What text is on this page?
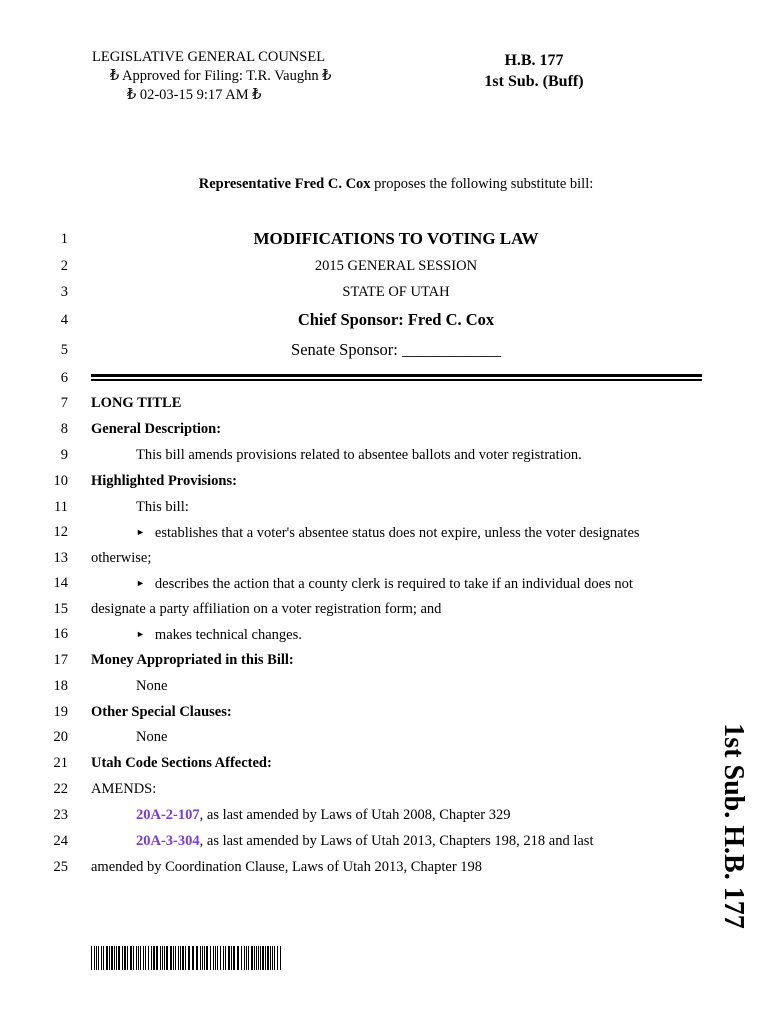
LEGISLATIVE GENERAL COUNSEL
₺ Approved for Filing: T.R. Vaughn ₺
₺ 02-03-15 9:17 AM ₺
H.B. 177
1st Sub. (Buff)
Representative Fred C. Cox proposes the following substitute bill:
1	MODIFICATIONS TO VOTING LAW
2	2015 GENERAL SESSION
3	STATE OF UTAH
4	Chief Sponsor: Fred C. Cox
5	Senate Sponsor: ____________
6
7 LONG TITLE
8 General Description:
9	This bill amends provisions related to absentee ballots and voter registration.
10 Highlighted Provisions:
11	This bill:
12	► establishes that a voter's absentee status does not expire, unless the voter designates
13 otherwise;
14	► describes the action that a county clerk is required to take if an individual does not
15 designate a party affiliation on a voter registration form; and
16	► makes technical changes.
17 Money Appropriated in this Bill:
18	None
19 Other Special Clauses:
20	None
21 Utah Code Sections Affected:
22 AMENDS:
23	20A-2-107, as last amended by Laws of Utah 2008, Chapter 329
24	20A-3-304, as last amended by Laws of Utah 2013, Chapters 198, 218 and last
25 amended by Coordination Clause, Laws of Utah 2013, Chapter 198	1st Sub. H.B. 177
